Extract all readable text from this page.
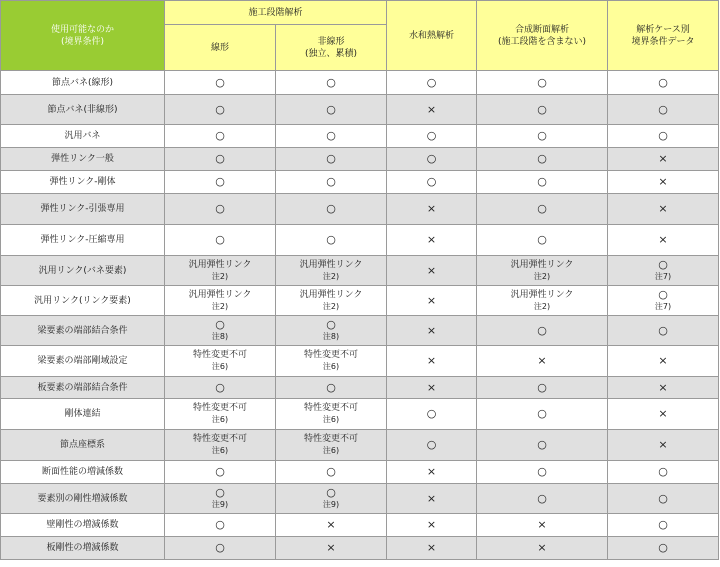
使用可能なのか
(境界条件)	施工段階解析		水和熱解析	合成断面解析
(施工段階を含まない)	解析ケース別
境界条件データ

	線形	非線形
(独立、累積)			

節点バネ(線形)	○	○	○	○	○

節点バネ(非線形)	○	○	×	○	○

汎用バネ	○	○	○	○	○

弾性リンク一般	○	○	○	○	×

弾性リンク-剛体	○	○	○	○	×

弾性リンク-引張専用	○	○	×	○	×

弾性リンク-圧縮専用	○	○	×	○	×

汎用リンク(バネ要素)	汎用弾性リンク
注2)	汎用弾性リンク
注2)	×	汎用弾性リンク
注2)	○
注7)

汎用リンク(リンク要素)	汎用弾性リンク
注2)	汎用弾性リンク
注2)	×	汎用弾性リンク
注2)	○
注7)

梁要素の端部結合条件	○
注8)	○
注8)	×	○	○

梁要素の端部剛域設定	特性変更不可
注6)	特性変更不可
注6)	×	×	×

板要素の端部結合条件	○	○	×	○	×

剛体連結	特性変更不可
注6)	特性変更不可
注6)	○	○	×

節点座標系	特性変更不可
注6)	特性変更不可
注6)	○	○	×

断面性能の増減係数	○	○	×	○	○

要素別の剛性増減係数	○
注9)	○
注9)	×	○	○

壁剛性の増減係数	○	×	×	×	○

板剛性の増減係数	○	×	×	×	○
